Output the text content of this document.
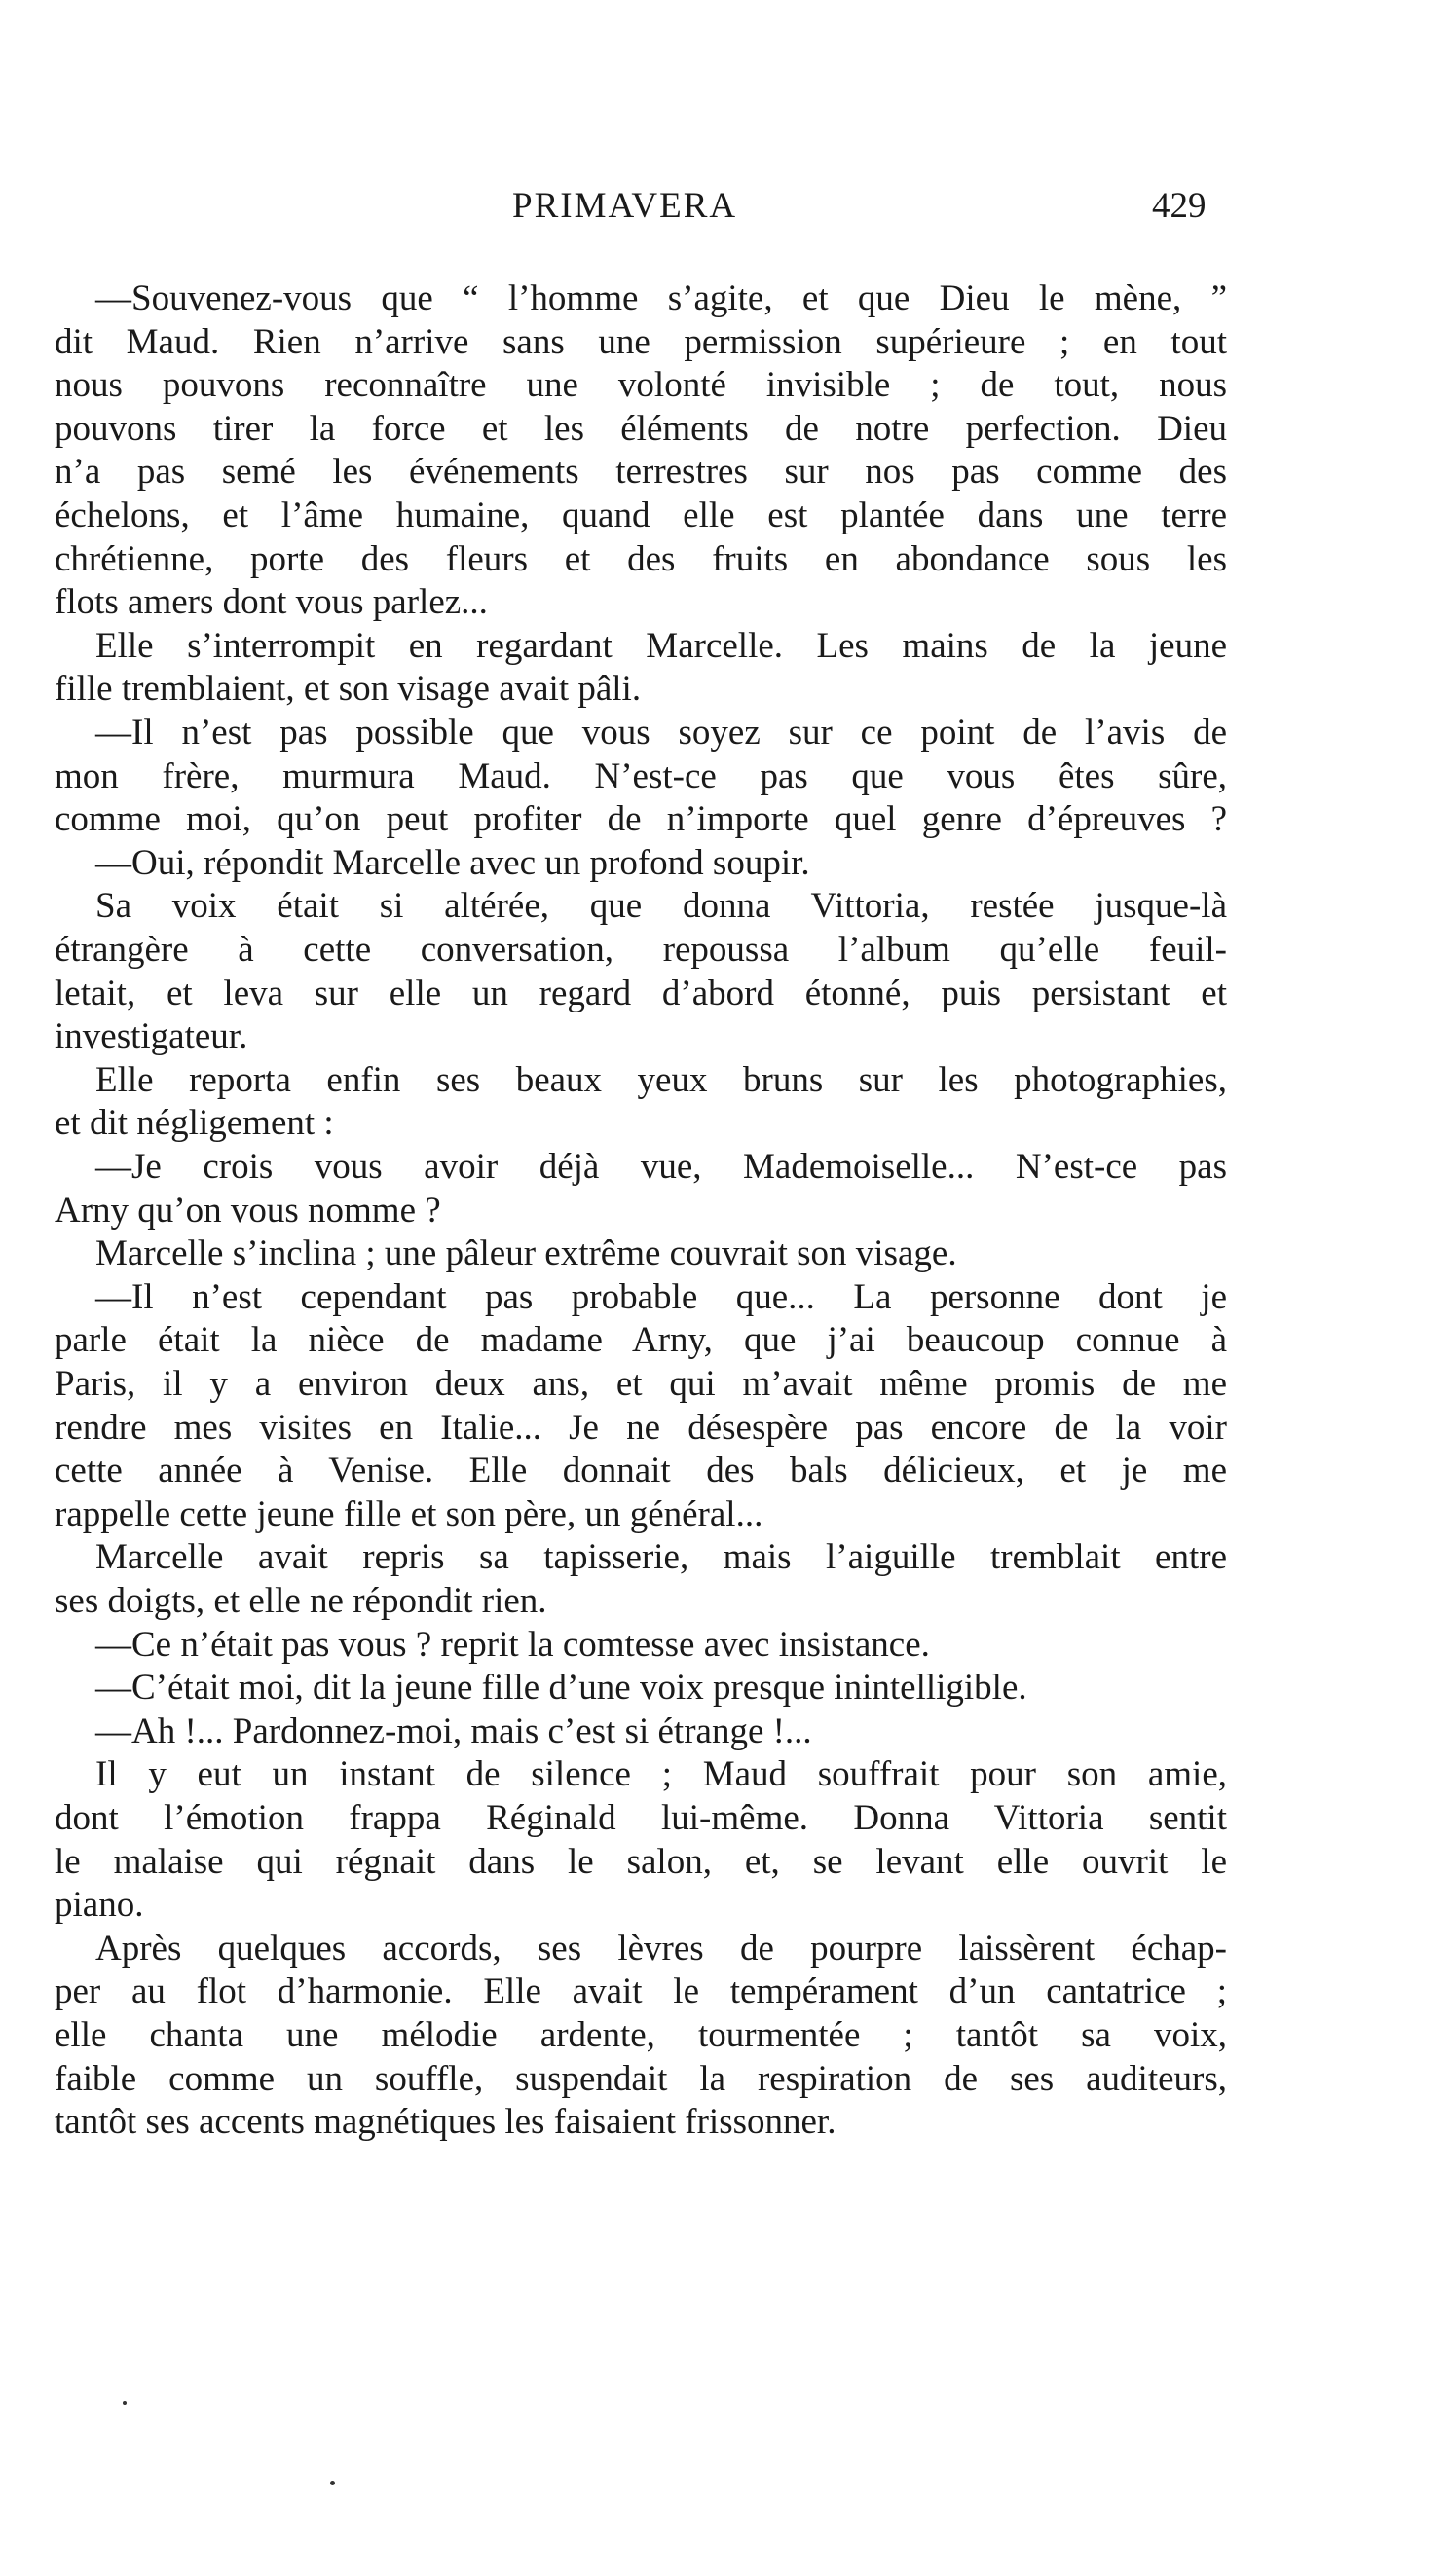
PRIMAVERA	429
—Souvenez-vous que “ l’homme s’agite, et que Dieu le mène, ”
dit Maud. Rien n’arrive sans une permission supérieure ; en tout
nous pouvons reconnaître une volonté invisible ; de tout, nous
pouvons tirer la force et les éléments de notre perfection. Dieu
n’a pas semé les événements terrestres sur nos pas comme des
échelons, et l’âme humaine, quand elle est plantée dans une terre
chrétienne, porte des fleurs et des fruits en abondance sous les
flots amers dont vous parlez...
Elle s’interrompit en regardant Marcelle. Les mains de la jeune
fille tremblaient, et son visage avait pâli.
—Il n’est pas possible que vous soyez sur ce point de l’avis de
mon frère, murmura Maud. N’est-ce pas que vous êtes sûre,
comme moi, qu’on peut profiter de n’importe quel genre d’épreuves ?
—Oui, répondit Marcelle avec un profond soupir.
Sa voix était si altérée, que donna Vittoria, restée jusque-là
étrangère à cette conversation, repoussa l’album qu’elle feuil-
letait, et leva sur elle un regard d’abord étonné, puis persistant et
investigateur.
Elle reporta enfin ses beaux yeux bruns sur les photographies,
et dit négligement :
—Je crois vous avoir déjà vue, Mademoiselle... N’est-ce pas
Arny qu’on vous nomme ?
Marcelle s’inclina ; une pâleur extrême couvrait son visage.
—Il n’est cependant pas probable que... La personne dont je
parle était la nièce de madame Arny, que j’ai beaucoup connue à
Paris, il y a environ deux ans, et qui m’avait même promis de me
rendre mes visites en Italie... Je ne désespère pas encore de la voir
cette année à Venise. Elle donnait des bals délicieux, et je me
rappelle cette jeune fille et son père, un général...
Marcelle avait repris sa tapisserie, mais l’aiguille tremblait entre
ses doigts, et elle ne répondit rien.
—Ce n’était pas vous ? reprit la comtesse avec insistance.
—C’était moi, dit la jeune fille d’une voix presque inintelligible.
—Ah !... Pardonnez-moi, mais c’est si étrange !...
Il y eut un instant de silence ; Maud souffrait pour son amie,
dont l’émotion frappa Réginald lui-même. Donna Vittoria sentit
le malaise qui régnait dans le salon, et, se levant elle ouvrit le
piano.
Après quelques accords, ses lèvres de pourpre laissèrent échap-
per au flot d’harmonie. Elle avait le tempérament d’un cantatrice ;
elle chanta une mélodie ardente, tourmentée ; tantôt sa voix,
faible comme un souffle, suspendait la respiration de ses auditeurs,
tantôt ses accents magnétiques les faisaient frissonner.
